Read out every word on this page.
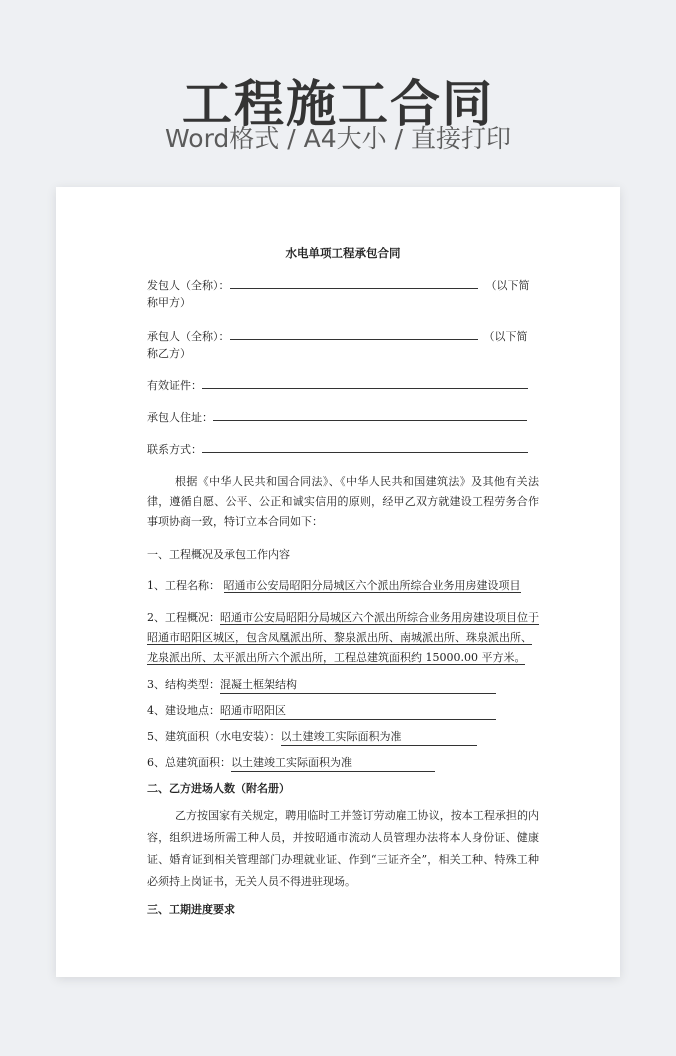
工程施工合同
Word格式 / A4大小 / 直接打印
水电单项工程承包合同
发包人（全称）：	（以下简
称甲方）
承包人（全称）：	（以下简
称乙方）
有效证件：
承包人住址：
联系方式：
根据《中华人民共和国合同法》、《中华人民共和国建筑法》及其他有关法律，遵循自愿、公平、公正和诚实信用的原则，经甲乙双方就建设工程劳务合作事项协商一致，特订立本合同如下：
一、工程概况及承包工作内容
1、工程名称： 昭通市公安局昭阳分局城区六个派出所综合业务用房建设项目
2、工程概况：昭通市公安局昭阳分局城区六个派出所综合业务用房建设项目位于昭通市昭阳区城区，包含凤凰派出所、黎泉派出所、南城派出所、珠泉派出所、龙泉派出所、太平派出所六个派出所，工程总建筑面积约 15000.00 平方米。
3、结构类型：混凝土框架结构
4、建设地点：昭通市昭阳区
5、建筑面积（水电安装）：以土建竣工实际面积为准
6、总建筑面积：以土建竣工实际面积为准
二、乙方进场人数（附名册）
乙方按国家有关规定，聘用临时工并签订劳动雇工协议，按本工程承担的内容，组织进场所需工种人员，并按昭通市流动人员管理办法将本人身份证、健康证、婚育证到相关管理部门办理就业证、作到“三证齐全”，相关工种、特殊工种必须持上岗证书，无关人员不得进驻现场。
三、工期进度要求
